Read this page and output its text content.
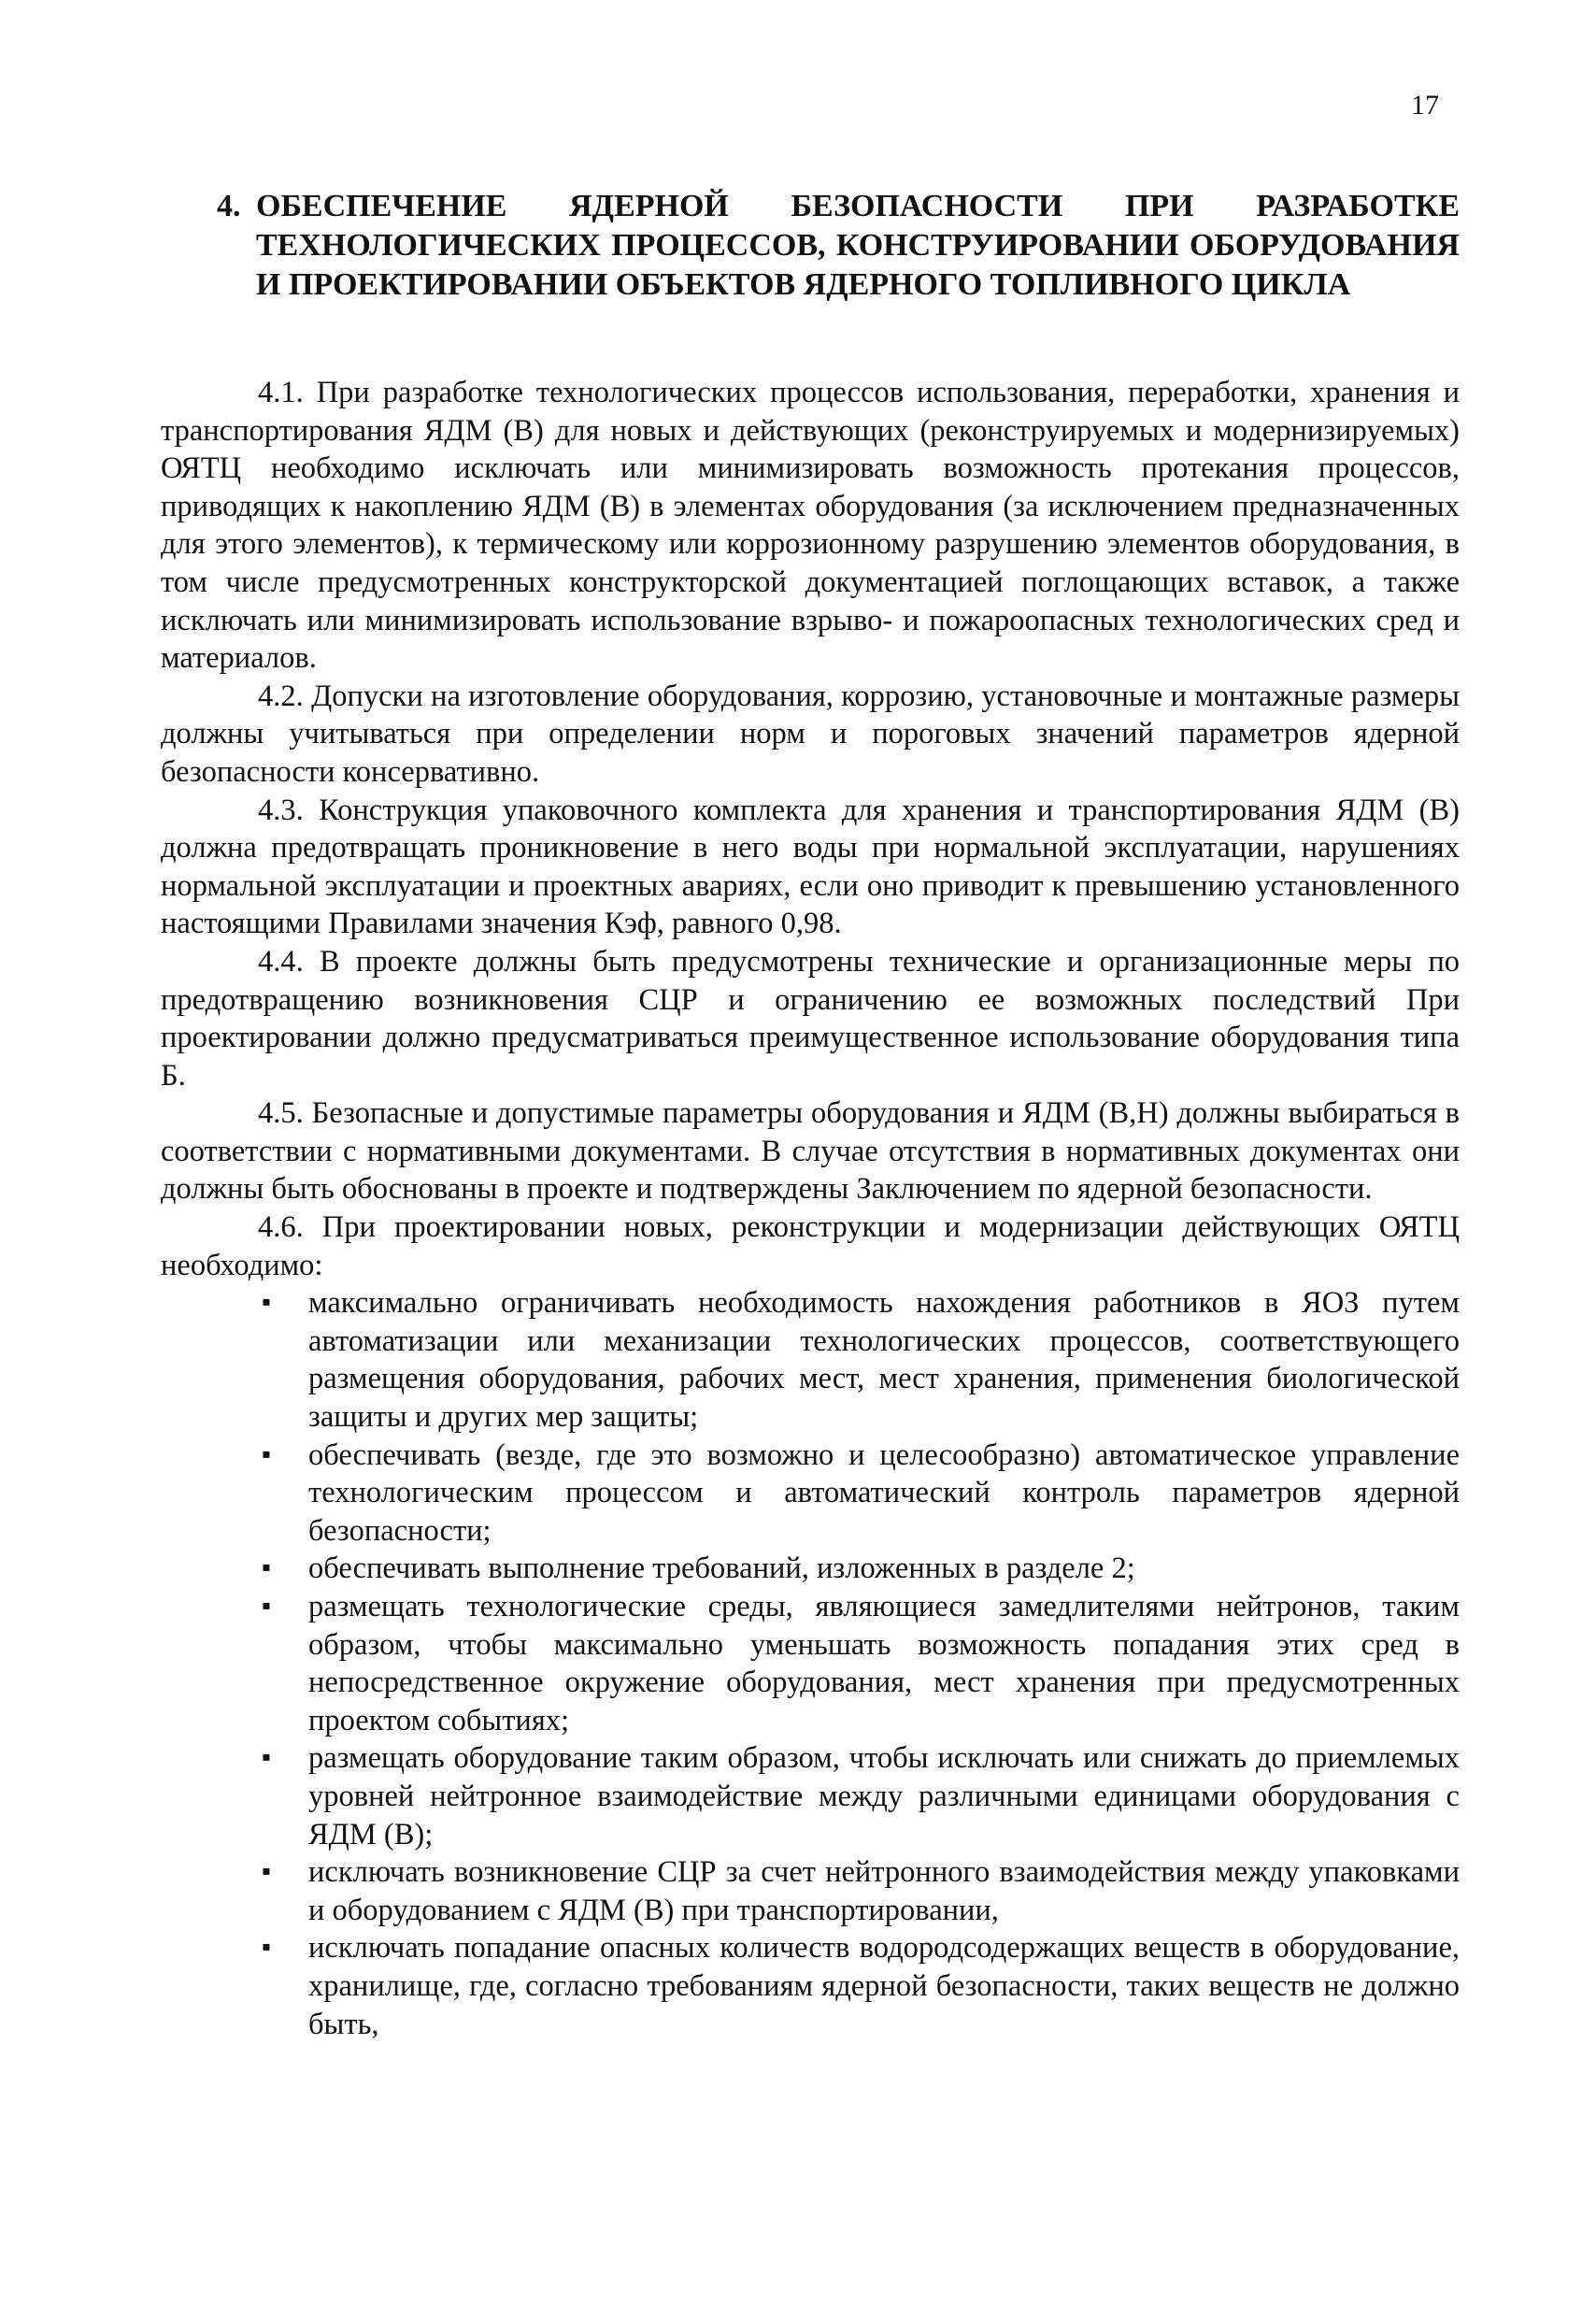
17
4. ОБЕСПЕЧЕНИЕ ЯДЕРНОЙ БЕЗОПАСНОСТИ ПРИ РАЗРАБОТКЕ ТЕХНОЛОГИЧЕСКИХ ПРОЦЕССОВ, КОНСТРУИРОВАНИИ ОБОРУДОВАНИЯ И ПРОЕКТИРОВАНИИ ОБЪЕКТОВ ЯДЕРНОГО ТОПЛИВНОГО ЦИКЛА

4.1. При разработке технологических процессов использования, переработки, хранения и транспортирования ЯДМ (В) для новых и действующих (реконструируемых и модернизируемых) ОЯТЦ необходимо исключать или минимизировать возможность протекания процессов, приводящих к накоплению ЯДМ (В) в элементах оборудования (за исключением предназначенных для этого элементов), к термическому или коррозионному разрушению элементов оборудования, в том числе предусмотренных конструкторской документацией поглощающих вставок, а также исключать или минимизировать использование взрыво- и пожароопасных технологических сред и материалов.

4.2. Допуски на изготовление оборудования, коррозию, установочные и монтажные размеры должны учитываться при определении норм и пороговых значений параметров ядерной безопасности консервативно.

4.3. Конструкция упаковочного комплекта для хранения и транспортирования ЯДМ (В) должна предотвращать проникновение в него воды при нормальной эксплуатации, нарушениях нормальной эксплуатации и проектных авариях, если оно приводит к превышению установленного настоящими Правилами значения Кэф, равного 0,98.

4.4. В проекте должны быть предусмотрены технические и организационные меры по предотвращению возникновения СЦР и ограничению ее возможных последствий При проектировании должно предусматриваться преимущественное использование оборудования типа Б.

4.5. Безопасные и допустимые параметры оборудования и ЯДМ (В,Н) должны выбираться в соответствии с нормативными документами. В случае отсутствия в нормативных документах они должны быть обоснованы в проекте и подтверждены Заключением по ядерной безопасности.

4.6. При проектировании новых, реконструкции и модернизации действующих ОЯТЦ необходимо:

▪ максимально ограничивать необходимость нахождения работников в ЯОЗ путем автоматизации или механизации технологических процессов, соответствующего размещения оборудования, рабочих мест, мест хранения, применения биологической защиты и других мер защиты;
▪ обеспечивать (везде, где это возможно и целесообразно) автоматическое управление технологическим процессом и автоматический контроль параметров ядерной безопасности;
▪ обеспечивать выполнение требований, изложенных в разделе 2;
▪ размещать технологические среды, являющиеся замедлителями нейтронов, таким образом, чтобы максимально уменьшать возможность попадания этих сред в непосредственное окружение оборудования, мест хранения при предусмотренных проектом событиях;
▪ размещать оборудование таким образом, чтобы исключать или снижать до приемлемых уровней нейтронное взаимодействие между различными единицами оборудования с ЯДМ (В);
▪ исключать возникновение СЦР за счет нейтронного взаимодействия между упаковками и оборудованием с ЯДМ (В) при транспортировании,
▪ исключать попадание опасных количеств водородсодержащих веществ в оборудование, хранилище, где, согласно требованиям ядерной безопасности, таких веществ не должно быть,
